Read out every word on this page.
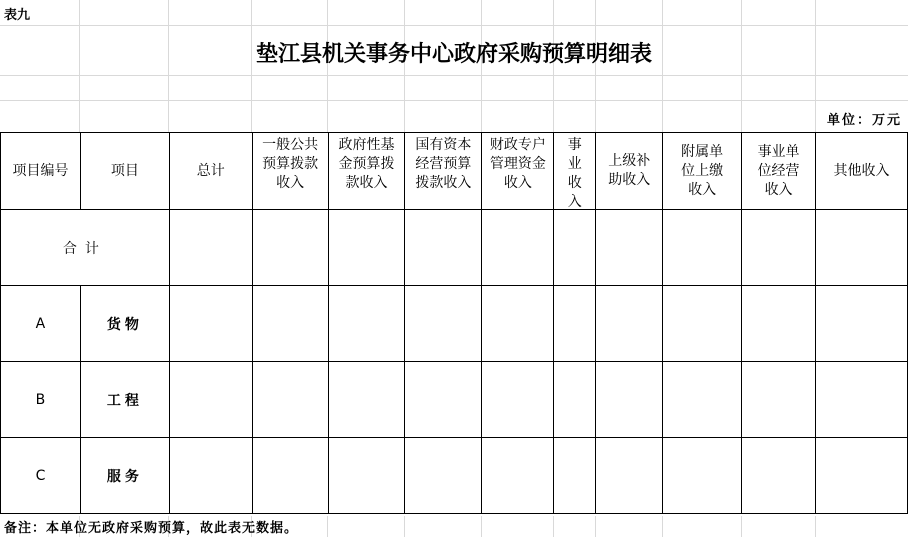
表九
垫江县机关事务中心政府采购预算明细表
单位：万元
项目编号	项目	总计	一般公共预算拨款收入	政府性基金预算拨款收入	国有资本经营预算拨款收入	财政专户管理资金收入	事业收入	上级补助收入	附属单位上缴收入	事业单位经营收入	其他收入

合计											
A	货物										
B	工程										
C	服务										
备注：本单位无政府采购预算，故此表无数据。
